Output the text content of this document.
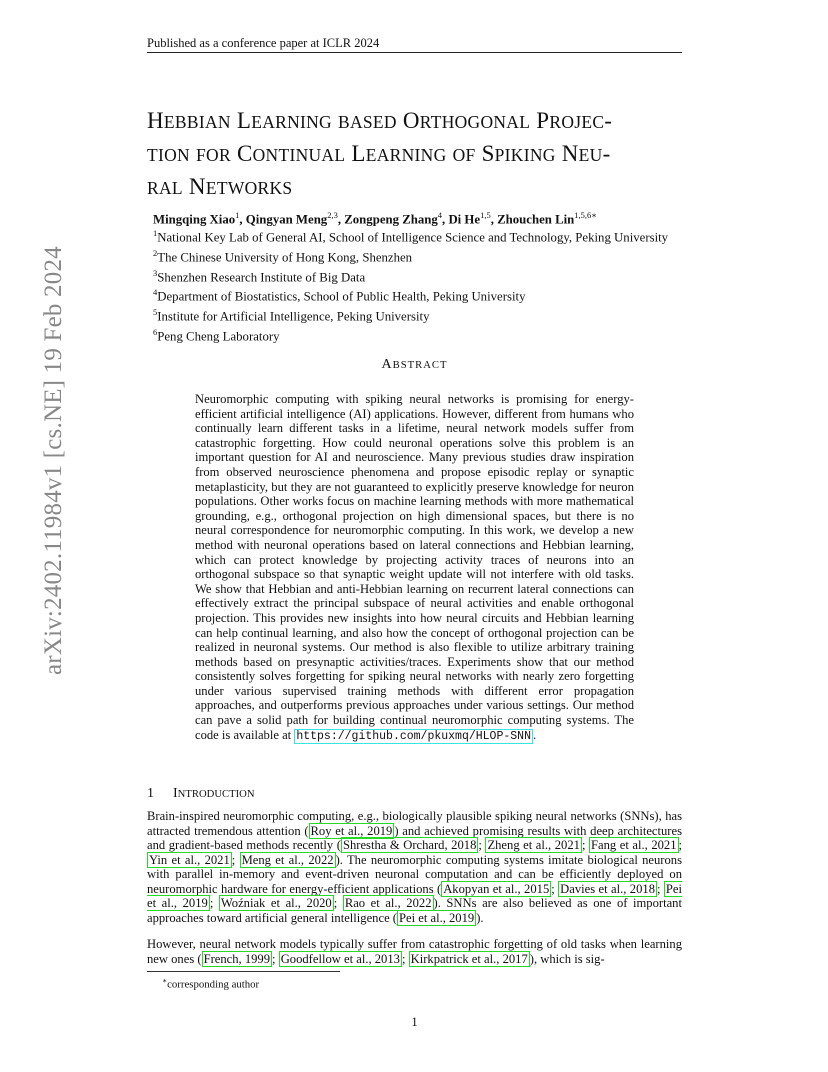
Published as a conference paper at ICLR 2024
arXiv:2402.11984v1 [cs.NE] 19 Feb 2024
HEBBIAN LEARNING BASED ORTHOGONAL PROJEC-
TION FOR CONTINUAL LEARNING OF SPIKING NEU-
RAL NETWORKS
Mingqing Xiao$^1$, Qingyan Meng$^{2,3}$, Zongpeng Zhang$^4$, Di He$^{1,5}$, Zhouchen Lin$^{1,5,6∗}$
$^1$National Key Lab of General AI, School of Intelligence Science and Technology, Peking University
$^2$The Chinese University of Hong Kong, Shenzhen
$^3$Shenzhen Research Institute of Big Data
$^4$Department of Biostatistics, School of Public Health, Peking University
$^5$Institute for Artificial Intelligence, Peking University
$^6$Peng Cheng Laboratory
ABSTRACT
Neuromorphic computing with spiking neural networks is promising for energy-efficient artificial intelligence (AI) applications. However, different from humans who continually learn different tasks in a lifetime, neural network models suffer from catastrophic forgetting. How could neuronal operations solve this problem is an important question for AI and neuroscience. Many previous studies draw inspiration from observed neuroscience phenomena and propose episodic replay or synaptic metaplasticity, but they are not guaranteed to explicitly preserve knowledge for neuron populations. Other works focus on machine learning methods with more mathematical grounding, e.g., orthogonal projection on high dimensional spaces, but there is no neural correspondence for neuromorphic computing. In this work, we develop a new method with neuronal operations based on lateral connections and Hebbian learning, which can protect knowledge by projecting activity traces of neurons into an orthogonal subspace so that synaptic weight update will not interfere with old tasks. We show that Hebbian and anti-Hebbian learning on recurrent lateral connections can effectively extract the principal subspace of neural activities and enable orthogonal projection. This provides new insights into how neural circuits and Hebbian learning can help continual learning, and also how the concept of orthogonal projection can be realized in neuronal systems. Our method is also flexible to utilize arbitrary training methods based on presynaptic activities/traces. Experiments show that our method consistently solves forgetting for spiking neural networks with nearly zero forgetting under various supervised training methods with different error propagation approaches, and outperforms previous approaches under various settings. Our method can pave a solid path for building continual neuromorphic computing systems. The code is available at https://github.com/pkuxmq/HLOP-SNN .
1 INTRODUCTION
Brain-inspired neuromorphic computing, e.g., biologically plausible spiking neural networks (SNNs), has attracted tremendous attention ( Roy et al., 2019 ) and achieved promising results with deep architectures and gradient-based methods recently ( Shrestha & Orchard, 2018 ; Zheng et al., 2021 ; Fang et al., 2021 ; Yin et al., 2021 ; Meng et al., 2022 ). The neuromorphic computing systems imitate biological neurons with parallel in-memory and event-driven neuronal computation and can be efficiently deployed on neuromorphic hardware for energy-efficient applications ( Akopyan et al., 2015 ; Davies et al., 2018 ; Pei et al., 2019 ; Woźniak et al., 2020 ; Rao et al., 2022 ). SNNs are also believed as one of important approaches toward artificial general intelligence ( Pei et al., 2019 ).
However, neural network models typically suffer from catastrophic forgetting of old tasks when learning new ones ( French, 1999 ; Goodfellow et al., 2013 ; Kirkpatrick et al., 2017 ), which is sig-
∗corresponding author
1
